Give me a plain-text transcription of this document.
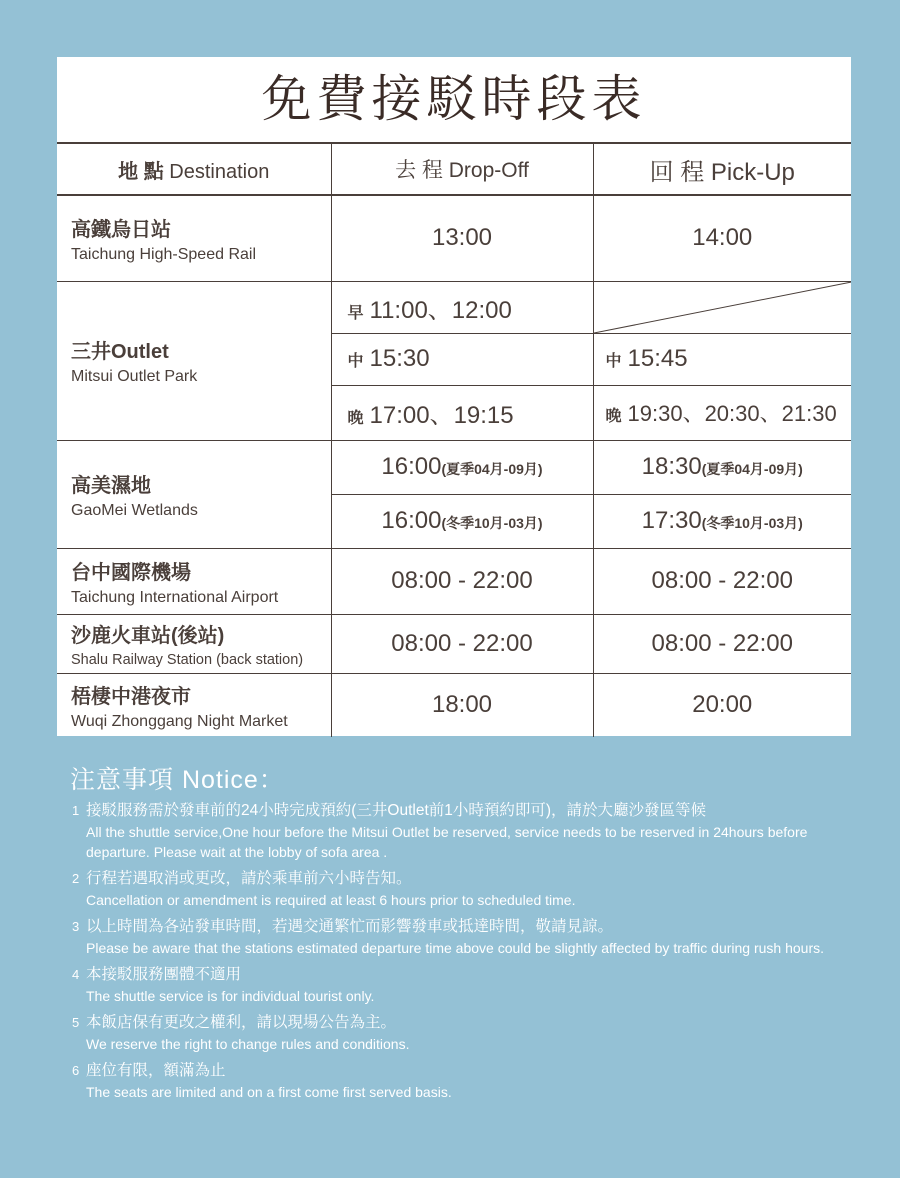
免費接駁時段表
地 點 Destination	去 程 Drop-Off	回 程 Pick-Up

高鐵烏日站
Taichung High-Speed Rail	13:00	14:00

三井Outlet
Mitsui Outlet Park	早 11:00、12:00	

	中 15:30	中 15:45
	晚 17:00、19:15	晚 19:30、20:30、21:30

高美濕地
GaoMei Wetlands	16:00(夏季04月-09月)	18:30(夏季04月-09月)
	16:00(冬季10月-03月)	17:30(冬季10月-03月)

台中國際機場
Taichung International Airport	08:00 - 22:00	08:00 - 22:00

沙鹿火車站(後站)
Shalu Railway Station (back station)	08:00 - 22:00	08:00 - 22:00

梧棲中港夜市
Wuqi Zhonggang Night Market	18:00	20:00
注意事項 Notice：
1 接駁服務需於發車前的24小時完成預約(三井Outlet前1小時預約即可)，請於大廳沙發區等候
All the shuttle service,One hour before the Mitsui Outlet be reserved, service needs to be reserved in 24hours before departure. Please wait at the lobby of sofa area .
2 行程若遇取消或更改，請於乘車前六小時告知。
Cancellation or amendment is required at least 6 hours prior to scheduled time.
3 以上時間為各站發車時間，若遇交通繁忙而影響發車或抵達時間，敬請見諒。
Please be aware that the stations estimated departure time above could be slightly affected by traffic during rush hours.
4 本接駁服務團體不適用
The shuttle service is for individual tourist only.
5 本飯店保有更改之權利，請以現場公告為主。
We reserve the right to change rules and conditions.
6 座位有限，額滿為止
The seats are limited and on a first come first served basis.
